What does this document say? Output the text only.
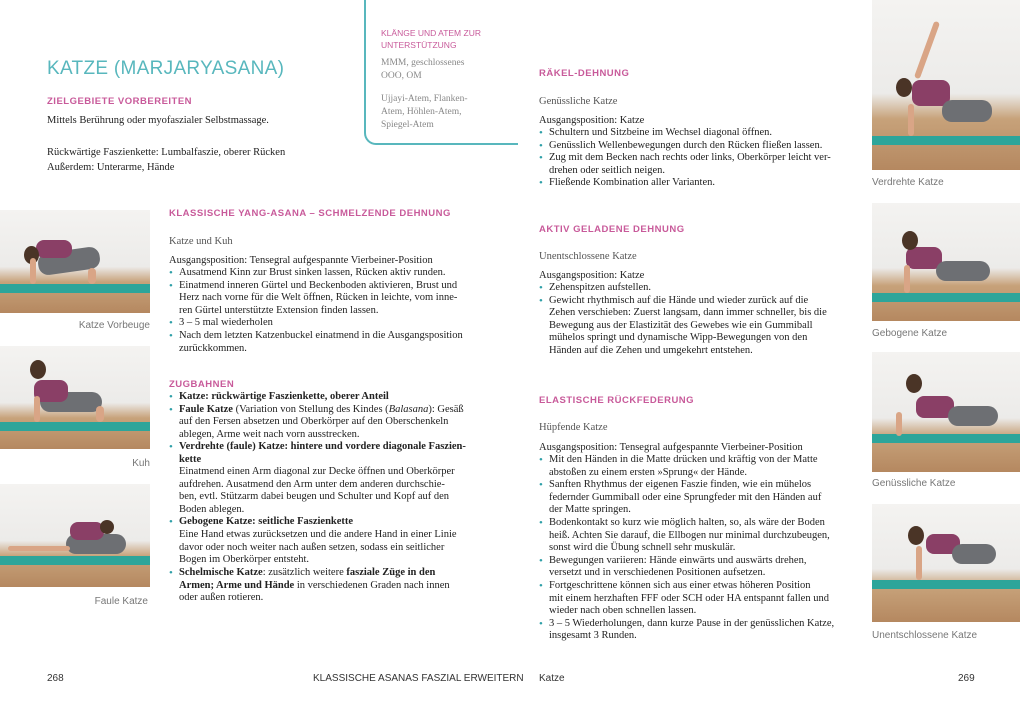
KATZE (MARJARYASANA)
ZIELGEBIETE VORBEREITEN
Mittels Berührung oder myofaszialer Selbstmassage.
Rückwärtige Faszienkette: Lumbalfaszie, oberer Rücken
Außerdem: Unterarme, Hände
KLÄNGE UND ATEM ZUR
UNTERSTÜTZUNG
MMM, geschlossenes
OOO, OM
Ujjayi-Atem, Flanken-
Atem, Höhlen-Atem,
Spiegel-Atem
Katze Vorbeuge
Kuh
Faule Katze
KLASSISCHE YANG-ASANA – SCHMELZENDE DEHNUNG
Katze und Kuh
Ausgangsposition: Tensegral aufgespannte Vierbeiner-Position
• Ausatmend Kinn zur Brust sinken lassen, Rücken aktiv runden.
• Einatmend inneren Gürtel und Beckenboden aktivieren, Brust und
Herz nach vorne für die Welt öffnen, Rücken in leichte, vom inne-
ren Gürtel unterstützte Extension finden lassen.
• 3 – 5 mal wiederholen
• Nach dem letzten Katzenbuckel einatmend in die Ausgangsposition
zurückkommen.
ZUGBAHNEN
• Katze: rückwärtige Faszienkette, oberer Anteil
• Faule Katze (Variation von Stellung des Kindes (Balasana): Gesäß
auf den Fersen absetzen und Oberkörper auf den Oberschenkeln
ablegen, Arme weit nach vorn ausstrecken.
• Verdrehte (faule) Katze: hintere und vordere diagonale Faszien-
kette
Einatmend einen Arm diagonal zur Decke öffnen und Oberkörper
aufdrehen. Ausatmend den Arm unter dem anderen durchschie-
ben, evtl. Stützarm dabei beugen und Schulter und Kopf auf den
Boden ablegen.
• Gebogene Katze: seitliche Faszienkette
Eine Hand etwas zurücksetzen und die andere Hand in einer Linie
davor oder noch weiter nach außen setzen, sodass ein seitlicher
Bogen im Oberkörper entsteht.
• Schelmische Katze: zusätzlich weitere fasziale Züge in den
Armen; Arme und Hände in verschiedenen Graden nach innen
oder außen rotieren.
268	KLASSISCHE ASANAS FASZIAL ERWEITERN
RÄKEL-DEHNUNG
Genüssliche Katze
Ausgangsposition: Katze
• Schultern und Sitzbeine im Wechsel diagonal öffnen.
• Genüsslich Wellenbewegungen durch den Rücken fließen lassen.
• Zug mit dem Becken nach rechts oder links, Oberkörper leicht ver-
drehen oder seitlich neigen.
• Fließende Kombination aller Varianten.
AKTIV GELADENE DEHNUNG
Unentschlossene Katze
Ausgangsposition: Katze
• Zehenspitzen aufstellen.
• Gewicht rhythmisch auf die Hände und wieder zurück auf die
Zehen verschieben: Zuerst langsam, dann immer schneller, bis die
Bewegung aus der Elastizität des Gewebes wie ein Gummiball
mühelos springt und dynamische Wipp-Bewegungen von den
Händen auf die Zehen und umgekehrt entstehen.
ELASTISCHE RÜCKFEDERUNG
Hüpfende Katze
Ausgangsposition: Tensegral aufgespannte Vierbeiner-Position
• Mit den Händen in die Matte drücken und kräftig von der Matte
abstoßen zu einem ersten »Sprung« der Hände.
• Sanften Rhythmus der eigenen Faszie finden, wie ein mühelos
federnder Gummiball oder eine Sprungfeder mit den Händen auf
der Matte springen.
• Bodenkontakt so kurz wie möglich halten, so, als wäre der Boden
heiß. Achten Sie darauf, die Ellbogen nur minimal durchzubeugen,
sonst wird die Übung schnell sehr muskulär.
• Bewegungen variieren: Hände einwärts und auswärts drehen,
versetzt und in verschiedenen Positionen aufsetzen.
• Fortgeschrittene können sich aus einer etwas höheren Position
mit einem herzhaften FFF oder SCH oder HA entspannt fallen und
wieder nach oben schnellen lassen.
• 3 – 5 Wiederholungen, dann kurze Pause in der genüsslichen Katze,
insgesamt 3 Runden.
Verdrehte Katze
Gebogene Katze
Genüssliche Katze
Unentschlossene Katze
Katze	269
